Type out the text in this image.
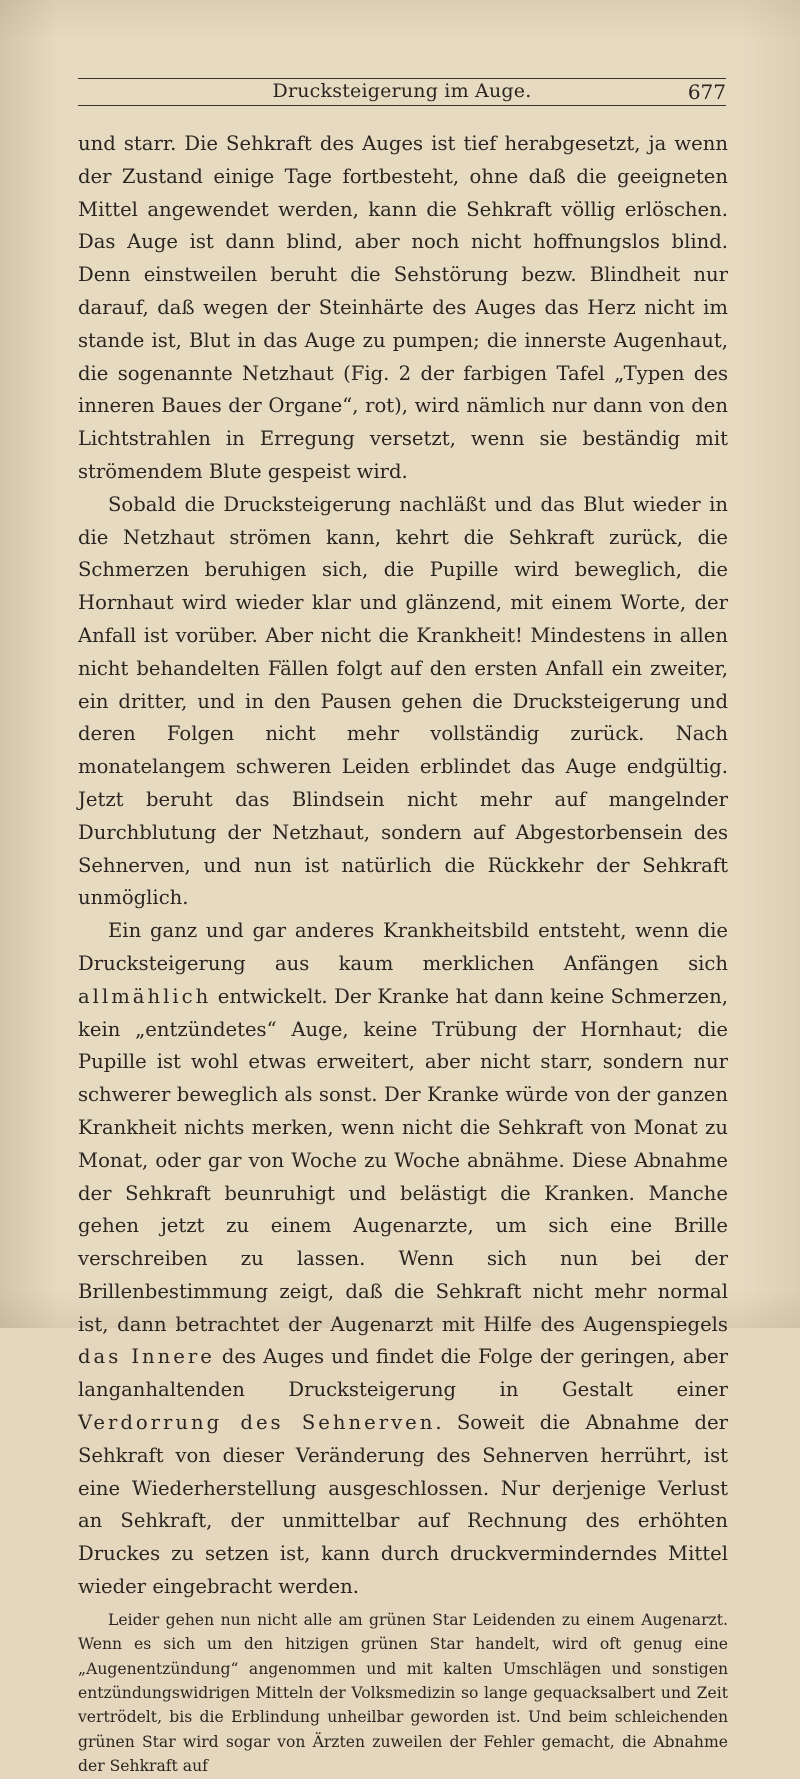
Drucksteigerung im Auge.	677

und starr. Die Sehkraft des Auges ist tief herabgesetzt, ja wenn der Zustand einige Tage fortbesteht, ohne daß die geeigneten Mittel angewendet werden, kann die Sehkraft völlig erlöschen. Das Auge ist dann blind, aber noch nicht hoffnungslos blind. Denn einstweilen beruht die Sehstörung bezw. Blindheit nur darauf, daß wegen der Steinhärte des Auges das Herz nicht im stande ist, Blut in das Auge zu pumpen; die innerste Augenhaut, die sogenannte Netzhaut (Fig. 2 der farbigen Tafel „Typen des inneren Baues der Organe“, rot), wird nämlich nur dann von den Lichtstrahlen in Erregung versetzt, wenn sie beständig mit strömendem Blute gespeist wird.

Sobald die Drucksteigerung nachläßt und das Blut wieder in die Netzhaut strömen kann, kehrt die Sehkraft zurück, die Schmerzen beruhigen sich, die Pupille wird beweglich, die Hornhaut wird wieder klar und glänzend, mit einem Worte, der Anfall ist vorüber. Aber nicht die Krankheit! Mindestens in allen nicht behandelten Fällen folgt auf den ersten Anfall ein zweiter, ein dritter, und in den Pausen gehen die Drucksteigerung und deren Folgen nicht mehr vollständig zurück. Nach monatelangem schweren Leiden erblindet das Auge endgültig. Jetzt beruht das Blindsein nicht mehr auf mangelnder Durchblutung der Netzhaut, sondern auf Abgestorbensein des Sehnerven, und nun ist natürlich die Rückkehr der Sehkraft unmöglich.

Ein ganz und gar anderes Krankheitsbild entsteht, wenn die Drucksteigerung aus kaum merklichen Anfängen sich allmählich entwickelt. Der Kranke hat dann keine Schmerzen, kein „entzündetes“ Auge, keine Trübung der Hornhaut; die Pupille ist wohl etwas erweitert, aber nicht starr, sondern nur schwerer beweglich als sonst. Der Kranke würde von der ganzen Krankheit nichts merken, wenn nicht die Sehkraft von Monat zu Monat, oder gar von Woche zu Woche abnähme. Diese Abnahme der Sehkraft beunruhigt und belästigt die Kranken. Manche gehen jetzt zu einem Augenarzte, um sich eine Brille verschreiben zu lassen. Wenn sich nun bei der Brillenbestimmung zeigt, daß die Sehkraft nicht mehr normal ist, dann betrachtet der Augenarzt mit Hilfe des Augenspiegels das Innere des Auges und findet die Folge der geringen, aber langanhaltenden Drucksteigerung in Gestalt einer Verdorrung des Sehnerven. Soweit die Abnahme der Sehkraft von dieser Veränderung des Sehnerven herrührt, ist eine Wiederherstellung ausgeschlossen. Nur derjenige Verlust an Sehkraft, der unmittelbar auf Rechnung des erhöhten Druckes zu setzen ist, kann durch druckverminderndes Mittel wieder eingebracht werden.

Leider gehen nun nicht alle am grünen Star Leidenden zu einem Augenarzt. Wenn es sich um den hitzigen grünen Star handelt, wird oft genug eine „Augenentzündung“ angenommen und mit kalten Umschlägen und sonstigen entzündungswidrigen Mitteln der Volksmedizin so lange gequacksalbert und Zeit vertrödelt, bis die Erblindung unheilbar geworden ist. Und beim schleichenden grünen Star wird sogar von Ärzten zuweilen der Fehler gemacht, die Abnahme der Sehkraft auf
